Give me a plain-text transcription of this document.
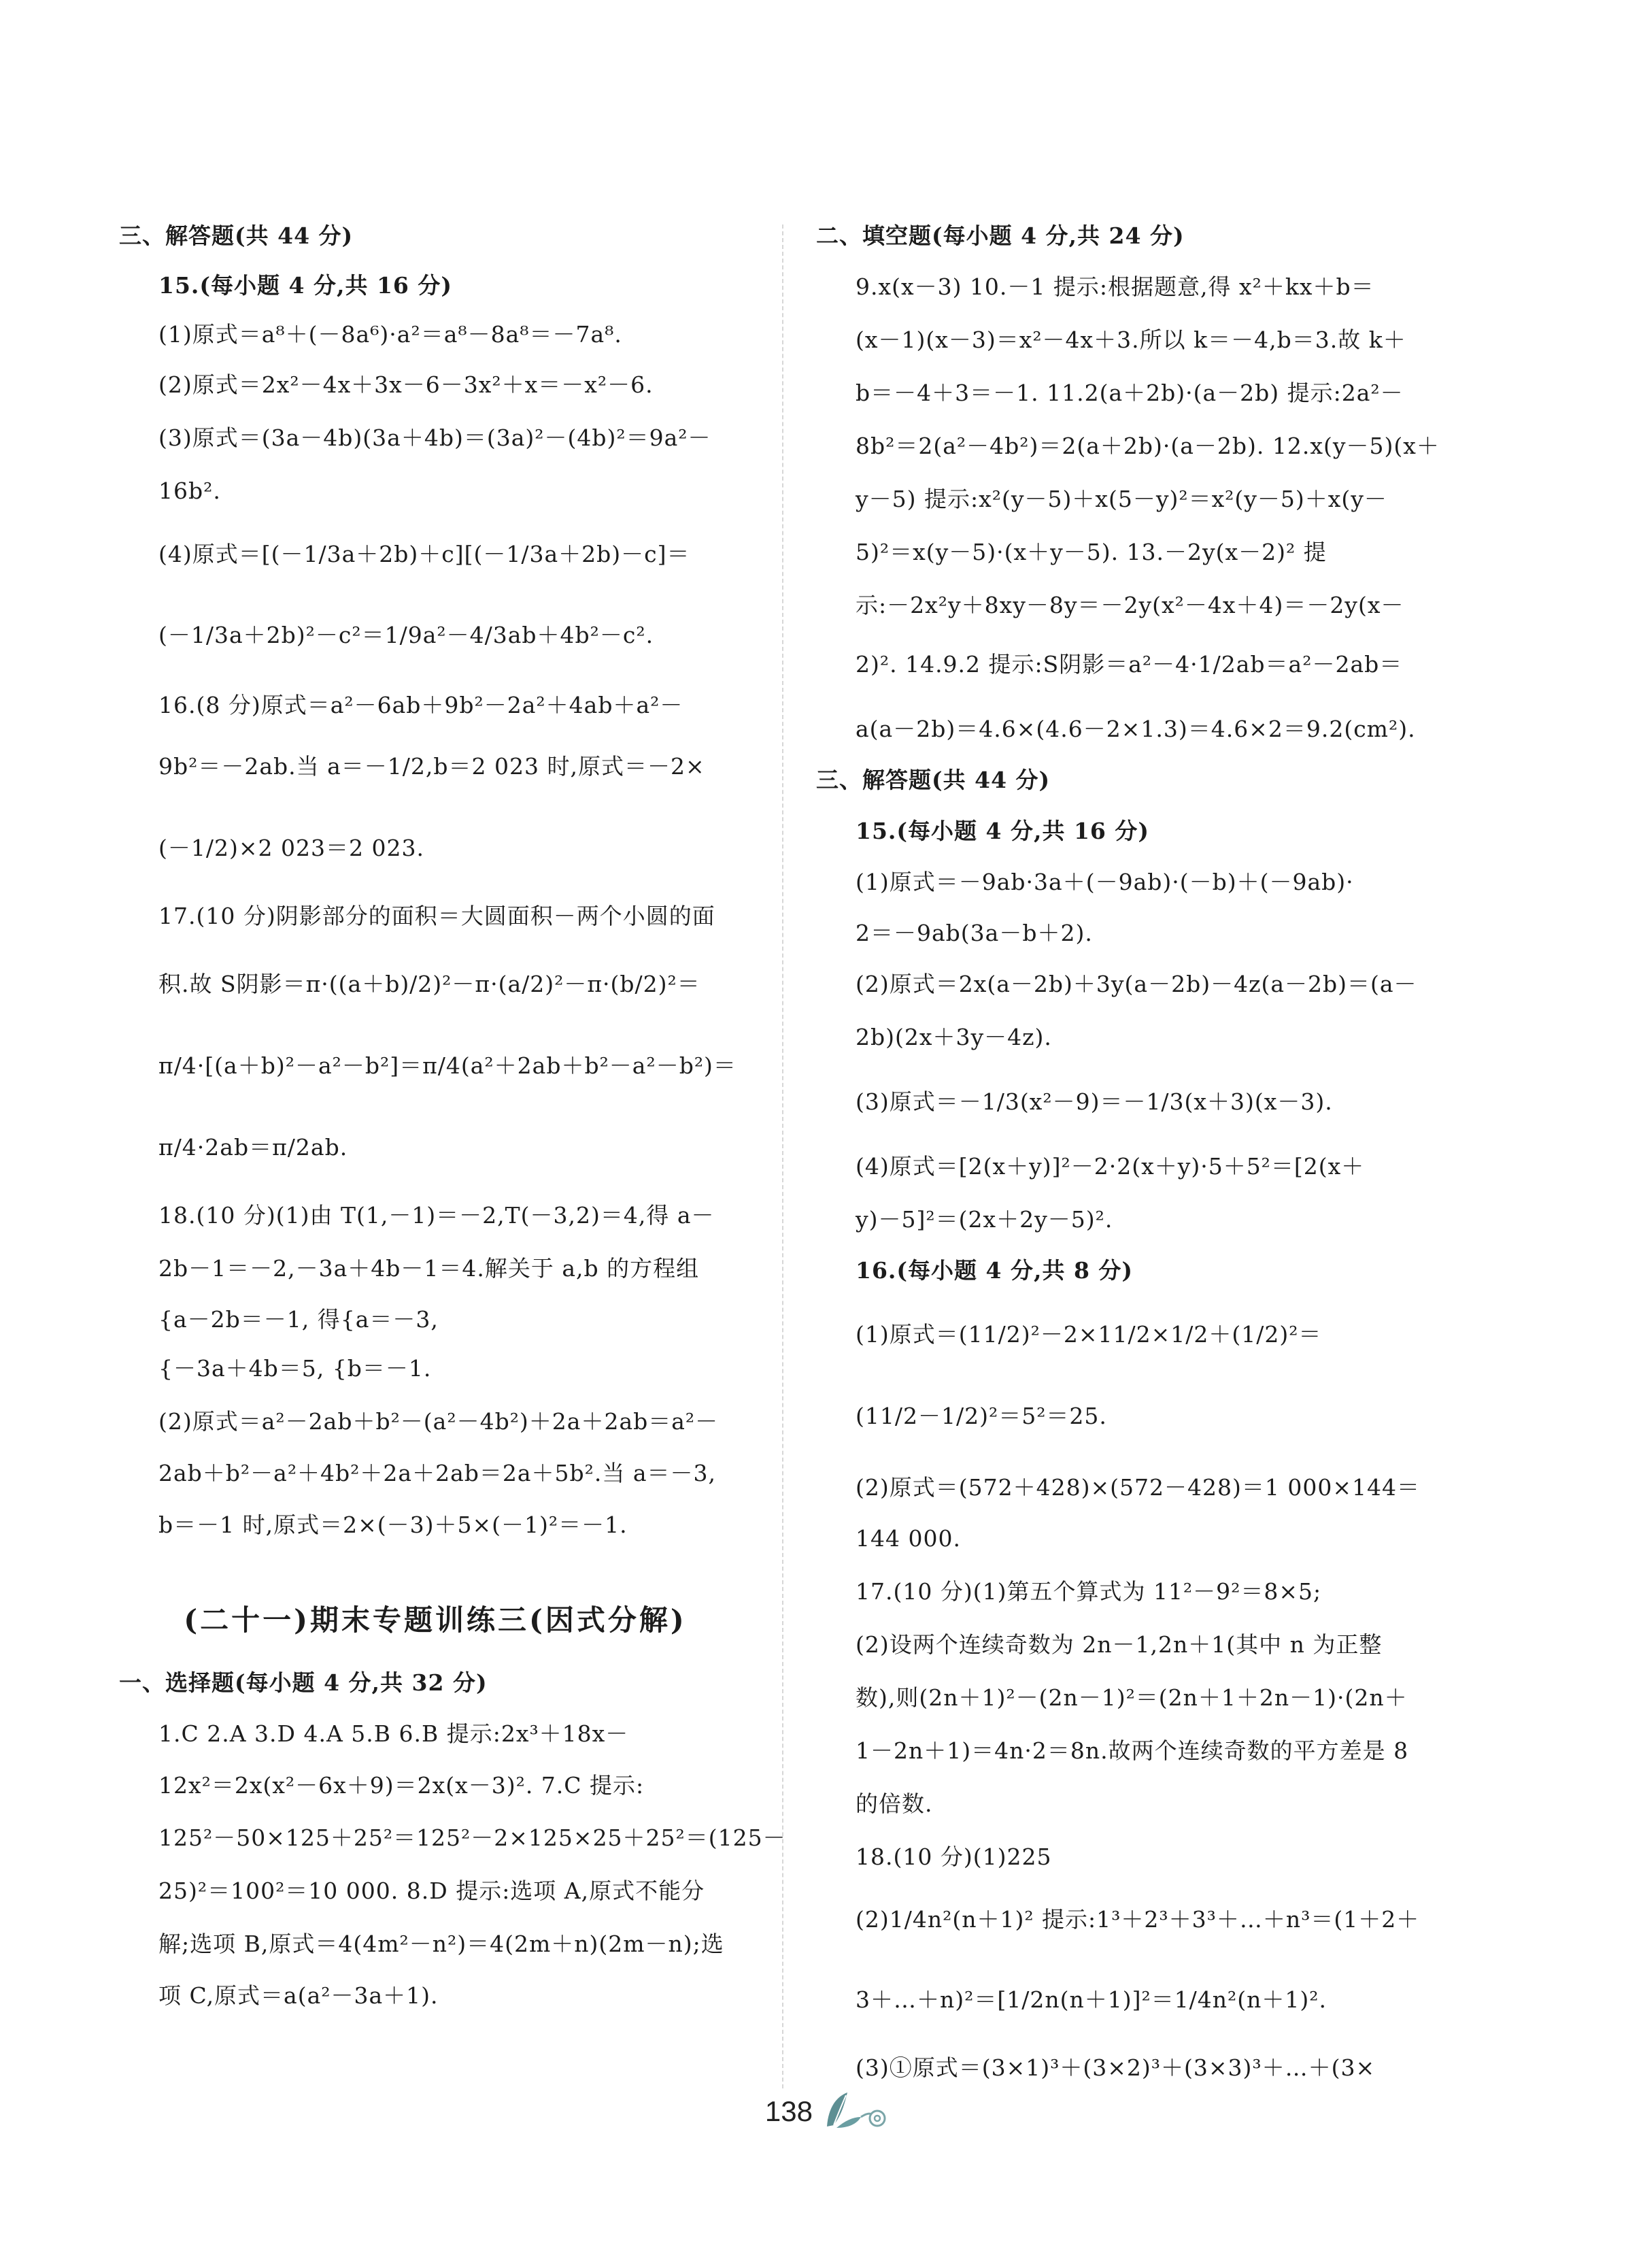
三、解答题(共 44 分)
15.(每小题 4 分,共 16 分)
(1)原式＝a⁸＋(－8a⁶)·a²＝a⁸－8a⁸＝－7a⁸.
(2)原式＝2x²－4x＋3x－6－3x²＋x＝－x²－6.
(3)原式＝(3a－4b)(3a＋4b)＝(3a)²－(4b)²＝9a²－
16b².
(4)原式＝[(－1/3a＋2b)＋c][(－1/3a＋2b)－c]＝
(－1/3a＋2b)²－c²＝1/9a²－4/3ab＋4b²－c².
16.(8 分)原式＝a²－6ab＋9b²－2a²＋4ab＋a²－
9b²＝－2ab.当 a＝－1/2,b＝2 023 时,原式＝－2×
(－1/2)×2 023＝2 023.
17.(10 分)阴影部分的面积＝大圆面积－两个小圆的面
积.故 S阴影＝π·((a＋b)/2)²－π·(a/2)²－π·(b/2)²＝
π/4·[(a＋b)²－a²－b²]＝π/4(a²＋2ab＋b²－a²－b²)＝
π/4·2ab＝π/2ab.
18.(10 分)(1)由 T(1,－1)＝－2,T(－3,2)＝4,得 a－
2b－1＝－2,－3a＋4b－1＝4.解关于 a,b 的方程组
{a－2b＝－1, 得{a＝－3,
{－3a＋4b＝5, {b＝－1.
(2)原式＝a²－2ab＋b²－(a²－4b²)＋2a＋2ab＝a²－
2ab＋b²－a²＋4b²＋2a＋2ab＝2a＋5b².当 a＝－3,
b＝－1 时,原式＝2×(－3)＋5×(－1)²＝－1.
(二十一)期末专题训练三(因式分解)
一、选择题(每小题 4 分,共 32 分)
1.C 2.A 3.D 4.A 5.B 6.B 提示:2x³＋18x－
12x²＝2x(x²－6x＋9)＝2x(x－3)². 7.C 提示:
125²－50×125＋25²＝125²－2×125×25＋25²＝(125－
25)²＝100²＝10 000. 8.D 提示:选项 A,原式不能分
解;选项 B,原式＝4(4m²－n²)＝4(2m＋n)(2m－n);选
项 C,原式＝a(a²－3a＋1).
二、填空题(每小题 4 分,共 24 分)
9.x(x－3) 10.－1 提示:根据题意,得 x²＋kx＋b＝
(x－1)(x－3)＝x²－4x＋3.所以 k＝－4,b＝3.故 k＋
b＝－4＋3＝－1. 11.2(a＋2b)·(a－2b) 提示:2a²－
8b²＝2(a²－4b²)＝2(a＋2b)·(a－2b). 12.x(y－5)(x＋
y－5) 提示:x²(y－5)＋x(5－y)²＝x²(y－5)＋x(y－
5)²＝x(y－5)·(x＋y－5). 13.－2y(x－2)² 提
示:－2x²y＋8xy－8y＝－2y(x²－4x＋4)＝－2y(x－
2)². 14.9.2 提示:S阴影＝a²－4·1/2ab＝a²－2ab＝
a(a－2b)＝4.6×(4.6－2×1.3)＝4.6×2＝9.2(cm²).
三、解答题(共 44 分)
15.(每小题 4 分,共 16 分)
(1)原式＝－9ab·3a＋(－9ab)·(－b)＋(－9ab)·
2＝－9ab(3a－b＋2).
(2)原式＝2x(a－2b)＋3y(a－2b)－4z(a－2b)＝(a－
2b)(2x＋3y－4z).
(3)原式＝－1/3(x²－9)＝－1/3(x＋3)(x－3).
(4)原式＝[2(x＋y)]²－2·2(x＋y)·5＋5²＝[2(x＋
y)－5]²＝(2x＋2y－5)².
16.(每小题 4 分,共 8 分)
(1)原式＝(11/2)²－2×11/2×1/2＋(1/2)²＝
(11/2－1/2)²＝5²＝25.
(2)原式＝(572＋428)×(572－428)＝1 000×144＝
144 000.
17.(10 分)(1)第五个算式为 11²－9²＝8×5;
(2)设两个连续奇数为 2n－1,2n＋1(其中 n 为正整
数),则(2n＋1)²－(2n－1)²＝(2n＋1＋2n－1)·(2n＋
1－2n＋1)＝4n·2＝8n.故两个连续奇数的平方差是 8
的倍数.
18.(10 分)(1)225
(2)1/4n²(n＋1)² 提示:1³＋2³＋3³＋…＋n³＝(1＋2＋
3＋…＋n)²＝[1/2n(n＋1)]²＝1/4n²(n＋1)².
(3)①原式＝(3×1)³＋(3×2)³＋(3×3)³＋…＋(3×
138
